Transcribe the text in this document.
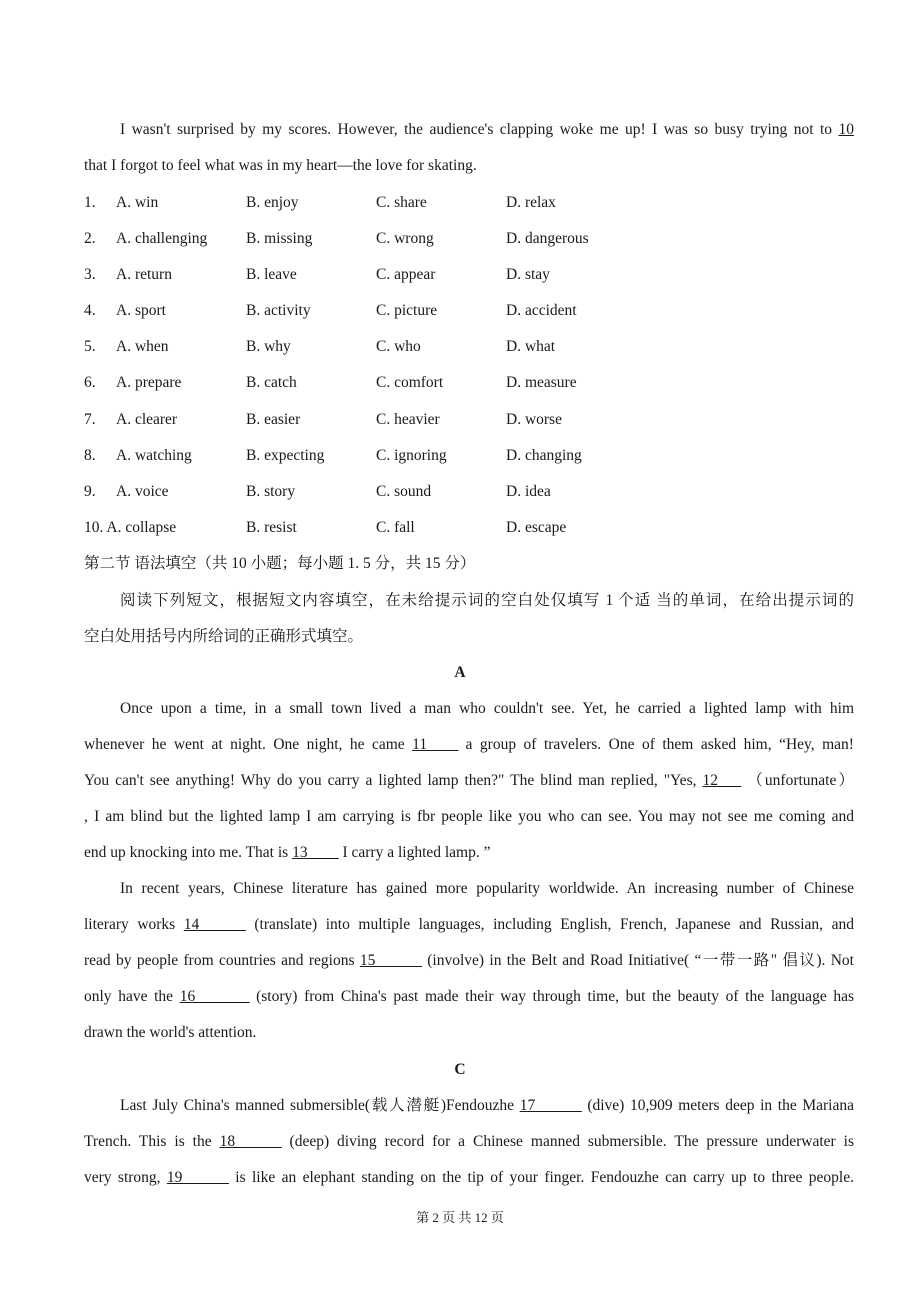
I wasn't surprised by my scores. However, the audience's clapping woke me up! I was so busy trying not to 10
that I forgot to feel what was in my heart—the love for skating.
1. A. win	B. enjoy	C. share	D. relax
2. A. challenging B. missing	C. wrong	D. dangerous
3. A. return	B. leave	C. appear	D. stay
4. A. sport	B. activity	C. picture	D. accident
5. A. when	B. why	C. who	D. what
6. A. prepare	B. catch	C. comfort	D. measure
7. A. clearer	B. easier	C. heavier	D. worse
8. A. watching	B. expecting	C. ignoring	D. changing
9. A. voice	B. story	C. sound	D. idea
10. A. collapse	B. resist	C. fall	D. escape
第二节 语法填空（共 10 小题；每小题 1. 5 分，共 15 分）
阅读下列短文，根据短文内容填空，在未给提示词的空白处仅填写 1 个适 当的单词，在给出提示词的
空白处用括号内所给词的正确形式填空。
A
Once upon a time, in a small town lived a man who couldn't see. Yet, he carried a lighted lamp with him
whenever he went at night. One night, he came 11____ a group of travelers. One of them asked him, “Hey, man!
You can't see anything! Why do you carry a lighted lamp then?" The blind man replied, "Yes, 12___ （unfortunate）
, I am blind but the lighted lamp I am carrying is fbr people like you who can see. You may not see me coming and
end up knocking into me. That is 13____ I carry a lighted lamp. ”
In recent years, Chinese literature has gained more popularity worldwide. An increasing number of Chinese
literary works 14______ (translate) into multiple languages, including English, French, Japanese and Russian, and
read by people from countries and regions 15______ (involve) in the Belt and Road Initiative( “一带一路" 倡议). Not
only have the 16_______ (story) from China's past made their way through time, but the beauty of the language has
drawn the world's attention.
C
Last July China's manned submersible(载人潜艇)Fendouzhe 17______ (dive) 10,909 meters deep in the Mariana
Trench. This is the 18______ (deep) diving record for a Chinese manned submersible. The pressure underwater is
very strong, 19______ is like an elephant standing on the tip of your finger. Fendouzhe can carry up to three people.
第 2 页 共 12 页
